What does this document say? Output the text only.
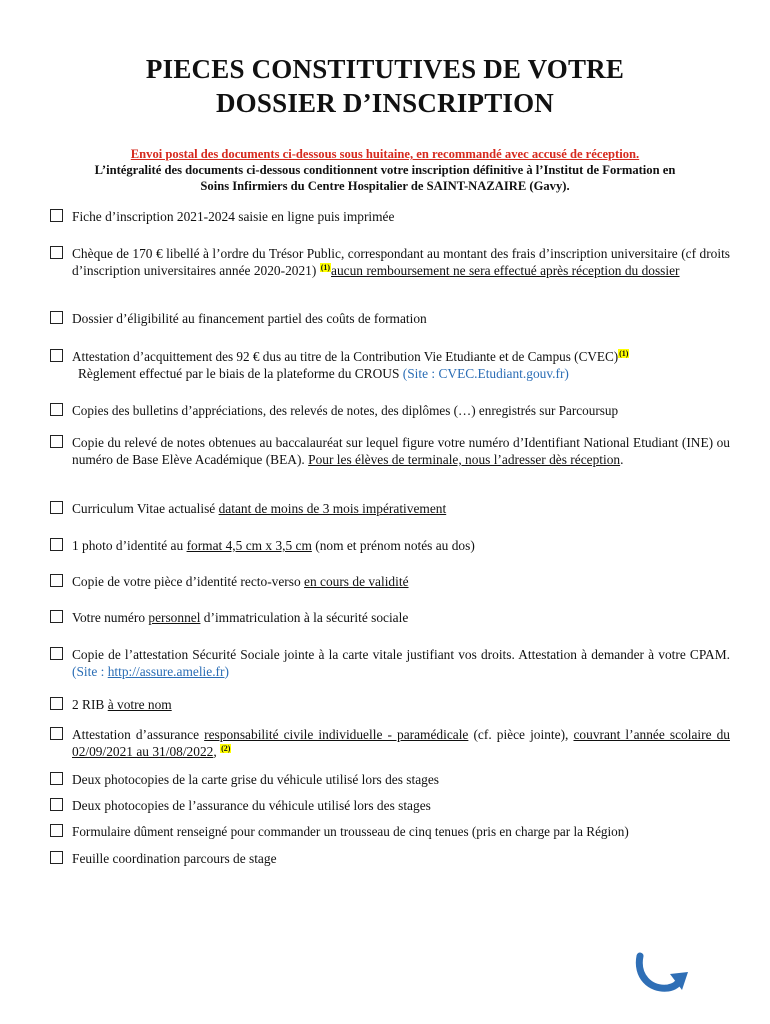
PIECES CONSTITUTIVES DE VOTRE
DOSSIER D’INSCRIPTION
Envoi postal des documents ci-dessous sous huitaine, en recommandé avec accusé de réception.
L’intégralité des documents ci-dessous conditionnent votre inscription définitive à l’Institut de Formation en
Soins Infirmiers du Centre Hospitalier de SAINT-NAZAIRE (Gavy).
Fiche d’inscription 2021-2024 saisie en ligne puis imprimée
Chèque de 170 € libellé à l’ordre du Trésor Public, correspondant au montant des frais d’inscription universitaire (cf droits d’inscription universitaires année 2020-2021) $^{(1)}$aucun remboursement ne sera effectué après réception du dossier
Dossier d’éligibilité au financement partiel des coûts de formation
Attestation d’acquittement des 92 € dus au titre de la Contribution Vie Etudiante et de Campus (CVEC)$^{(1)}$
Règlement effectué par le biais de la plateforme du CROUS (Site : CVEC.Etudiant.gouv.fr)
Copies des bulletins d’appréciations, des relevés de notes, des diplômes (…) enregistrés sur Parcoursup
Copie du relevé de notes obtenues au baccalauréat sur lequel figure votre numéro d’Identifiant National Etudiant (INE) ou numéro de Base Elève Académique (BEA). Pour les élèves de terminale, nous l’adresser dès réception.
Curriculum Vitae actualisé datant de moins de 3 mois impérativement
1 photo d’identité au format 4,5 cm x 3,5 cm (nom et prénom notés au dos)
Copie de votre pièce d’identité recto-verso en cours de validité
Votre numéro personnel d’immatriculation à la sécurité sociale
Copie de l’attestation Sécurité Sociale jointe à la carte vitale justifiant vos droits. Attestation à demander à votre CPAM. (Site : http://assure.amelie.fr)
2 RIB à votre nom
Attestation d’assurance responsabilité civile individuelle - paramédicale (cf. pièce jointe), couvrant l’année scolaire du 02/09/2021 au 31/08/2022, $^{(2)}$
Deux photocopies de la carte grise du véhicule utilisé lors des stages
Deux photocopies de l’assurance du véhicule utilisé lors des stages
Formulaire dûment renseigné pour commander un trousseau de cinq tenues (pris en charge par la Région)
Feuille coordination parcours de stage
